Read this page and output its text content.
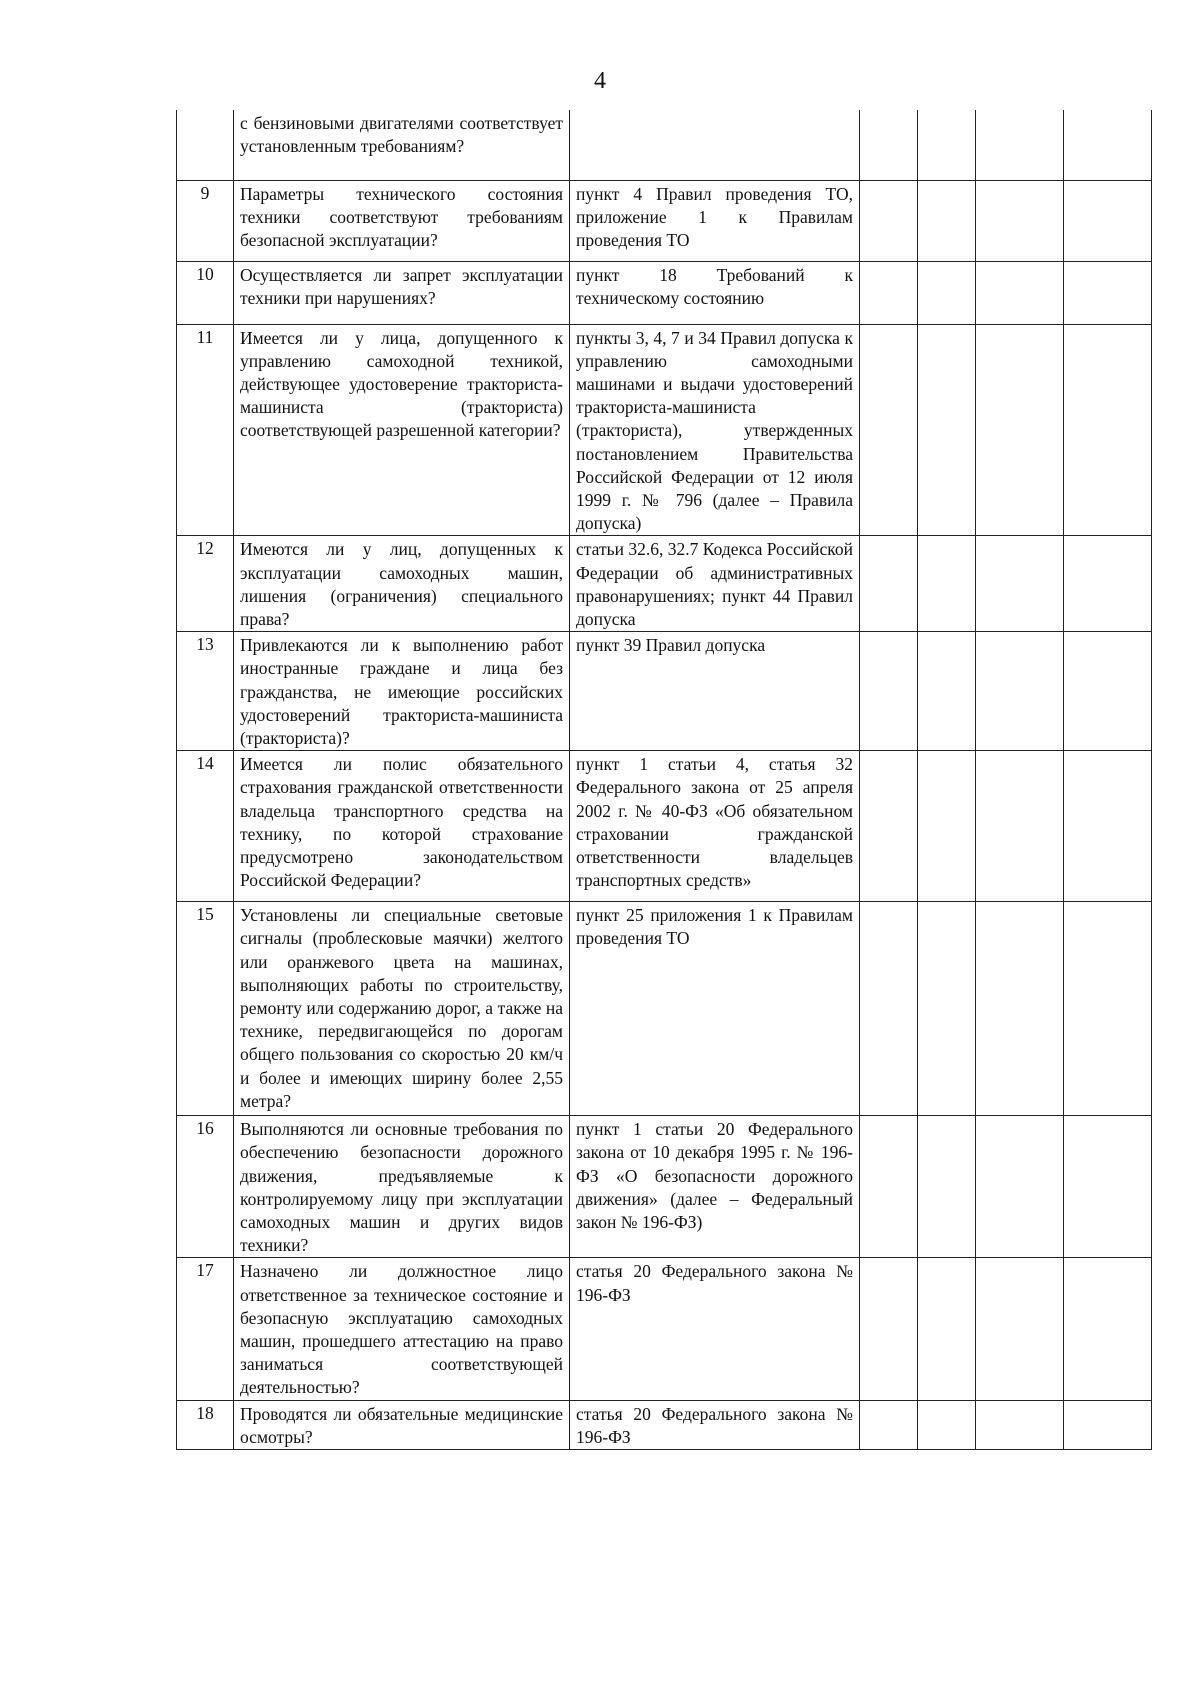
4
	с бензиновыми двигателями соответствует установленным требованиям?					
9	Параметры технического состояния техники соответствуют требованиям безопасной эксплуатации?	пункт 4 Правил проведения ТО, приложение 1 к Правилам проведения ТО				
10	Осуществляется ли запрет эксплуатации техники при нарушениях?	пункт 18 Требований к техническому состоянию				
11	Имеется ли у лица, допущенного к управлению самоходной техникой, действующее удостоверение тракториста-машиниста (тракториста) соответствующей разрешенной категории?	пункты 3, 4, 7 и 34 Правил допуска к управлению самоходными машинами и выдачи удостоверений тракториста-машиниста (тракториста), утвержденных постановлением Правительства Российской Федерации от 12 июля 1999 г. № 796 (далее – Правила допуска)				
12	Имеются ли у лиц, допущенных к эксплуатации самоходных машин, лишения (ограничения) специального права?	статьи 32.6, 32.7 Кодекса Российской Федерации об административных правонарушениях; пункт 44 Правил допуска				
13	Привлекаются ли к выполнению работ иностранные граждане и лица без гражданства, не имеющие российских удостоверений тракториста-машиниста (тракториста)?	пункт 39 Правил допуска				
14	Имеется ли полис обязательного страхования гражданской ответственности владельца транспортного средства на технику, по которой страхование предусмотрено законодательством Российской Федерации?	пункт 1 статьи 4, статья 32 Федерального закона от 25 апреля 2002 г. № 40-ФЗ «Об обязательном страховании гражданской ответственности владельцев транспортных средств»				
15	Установлены ли специальные световые сигналы (проблесковые маячки) желтого или оранжевого цвета на машинах, выполняющих работы по строительству, ремонту или содержанию дорог, а также на технике, передвигающейся по дорогам общего пользования со скоростью 20 км/ч и более и имеющих ширину более 2,55 метра?	пункт 25 приложения 1 к Правилам проведения ТО				
16	Выполняются ли основные требования по обеспечению безопасности дорожного движения, предъявляемые к контролируемому лицу при эксплуатации самоходных машин и других видов техники?	пункт 1 статьи 20 Федерального закона от 10 декабря 1995 г. № 196-ФЗ «О безопасности дорожного движения» (далее – Федеральный закон № 196-ФЗ)				
17	Назначено ли должностное лицо ответственное за техническое состояние и безопасную эксплуатацию самоходных машин, прошедшего аттестацию на право заниматься соответствующей деятельностью?	статья 20 Федерального закона № 196-ФЗ				
18	Проводятся ли обязательные медицинские осмотры?	статья 20 Федерального закона № 196-ФЗ				
